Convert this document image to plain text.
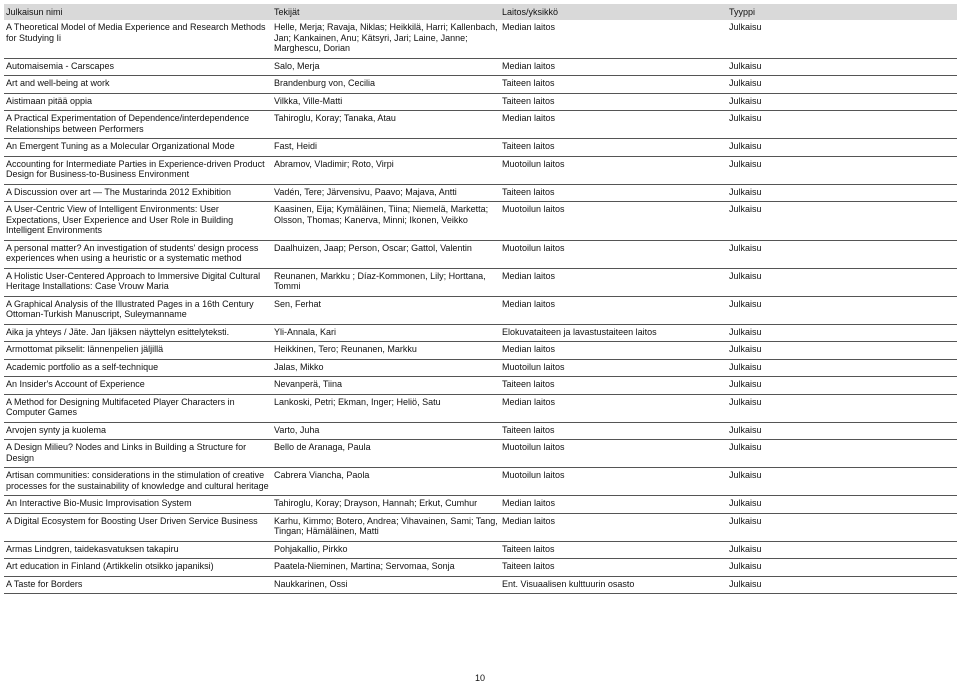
Julkaisun nimi	Tekijät	Laitos/yksikkö	Tyyppi
A Theoretical Model of Media Experience and Research Methods for Studying Ii	Helle, Merja; Ravaja, Niklas; Heikkilä, Harri; Kallenbach, Jan; Kankainen, Anu; Kätsyri, Jari; Laine, Janne; Marghescu, Dorian	Median laitos	Julkaisu
Automaisemia - Carscapes	Salo, Merja	Median laitos	Julkaisu
Art and well-being at work	Brandenburg von, Cecilia	Taiteen laitos	Julkaisu
Aistimaan pitää oppia	Vilkka, Ville-Matti	Taiteen laitos	Julkaisu
A Practical Experimentation of Dependence/interdependence Relationships between Performers	Tahiroglu, Koray; Tanaka, Atau	Median laitos	Julkaisu
An Emergent Tuning as a Molecular Organizational Mode	Fast, Heidi	Taiteen laitos	Julkaisu
Accounting for Intermediate Parties in Experience-driven Product Design for Business-to-Business Environment	Abramov, Vladimir; Roto, Virpi	Muotoilun laitos	Julkaisu
A Discussion over art — The Mustarinda 2012 Exhibition	Vadén, Tere; Järvensivu, Paavo; Majava, Antti	Taiteen laitos	Julkaisu
A User-Centric View of Intelligent Environments: User Expectations, User Experience and User Role in Building Intelligent Environments	Kaasinen, Eija; Kymäläinen, Tiina; Niemelä, Marketta; Olsson, Thomas; Kanerva, Minni; Ikonen, Veikko	Muotoilun laitos	Julkaisu
A personal matter? An investigation of students' design process experiences when using a heuristic or a systematic method	Daalhuizen, Jaap; Person, Oscar; Gattol, Valentin	Muotoilun laitos	Julkaisu
A Holistic User-Centered Approach to Immersive Digital Cultural Heritage Installations: Case Vrouw Maria	Reunanen, Markku ; Díaz-Kommonen, Lily; Horttana, Tommi	Median laitos	Julkaisu
A Graphical Analysis of the Illustrated Pages in a 16th Century Ottoman-Turkish Manuscript, Suleymanname	Sen, Ferhat	Median laitos	Julkaisu
Aika ja yhteys / Jäte. Jan Ijäksen näyttelyn esittelyteksti.	Yli-Annala, Kari	Elokuvataiteen ja lavastustaiteen laitos	Julkaisu
Armottomat pikselit: lännenpelien jäljillä	Heikkinen, Tero; Reunanen, Markku	Median laitos	Julkaisu
Academic portfolio as a self-technique	Jalas, Mikko	Muotoilun laitos	Julkaisu
An Insider's Account of Experience	Nevanperä, Tiina	Taiteen laitos	Julkaisu
A Method for Designing Multifaceted Player Characters in Computer Games	Lankoski, Petri; Ekman, Inger; Heliö, Satu	Median laitos	Julkaisu
Arvojen synty ja kuolema	Varto, Juha	Taiteen laitos	Julkaisu
A Design Milieu? Nodes and Links in Building a Structure for Design	Bello de Aranaga, Paula	Muotoilun laitos	Julkaisu
Artisan communities: considerations in the stimulation of creative processes for the sustainability of knowledge and cultural heritage	Cabrera Viancha, Paola	Muotoilun laitos	Julkaisu
An Interactive Bio-Music Improvisation System	Tahiroglu, Koray; Drayson, Hannah; Erkut, Cumhur	Median laitos	Julkaisu
A Digital Ecosystem for Boosting User Driven Service Business	Karhu, Kimmo; Botero, Andrea; Vihavainen, Sami; Tang, Tingan; Hämäläinen, Matti	Median laitos	Julkaisu
Armas Lindgren, taidekasvatuksen takapiru	Pohjakallio, Pirkko	Taiteen laitos	Julkaisu
Art education in Finland (Artikkelin otsikko japaniksi)	Paatela-Nieminen, Martina; Servomaa, Sonja	Taiteen laitos	Julkaisu
A Taste for Borders	Naukkarinen, Ossi	Ent. Visuaalisen kulttuurin osasto	Julkaisu
10
